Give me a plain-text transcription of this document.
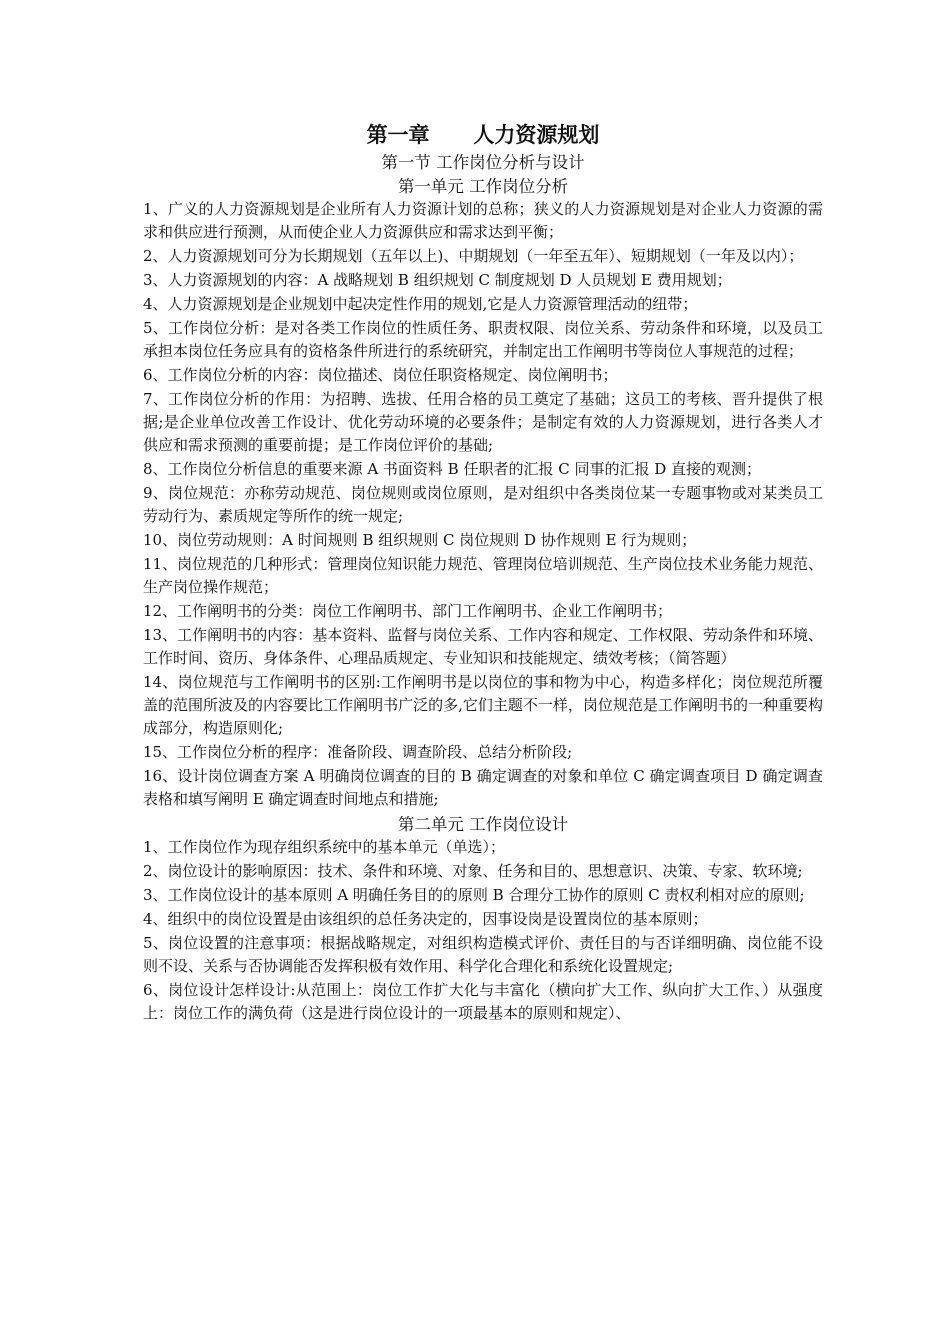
第一章      人力资源规划

第一节 工作岗位分析与设计

第一单元 工作岗位分析

1、广义的人力资源规划是企业所有人力资源计划的总称；狭义的人力资源规划是对企业人力资源的需求和供应进行预测，从而使企业人力资源供应和需求达到平衡；

2、人力资源规划可分为长期规划（五年以上)、中期规划（一年至五年）、短期规划（一年及以内）；

3、人力资源规划的内容：A 战略规划 B 组织规划 C 制度规划 D 人员规划 E 费用规划；

4、人力资源规划是企业规划中起决定性作用的规划,它是人力资源管理活动的纽带；

5、工作岗位分析：是对各类工作岗位的性质任务、职责权限、岗位关系、劳动条件和环境，以及员工承担本岗位任务应具有的资格条件所进行的系统研究，并制定出工作阐明书等岗位人事规范的过程；

6、工作岗位分析的内容：岗位描述、岗位任职资格规定、岗位阐明书；

7、工作岗位分析的作用：为招聘、选拔、任用合格的员工奠定了基础；这员工的考核、晋升提供了根据;是企业单位改善工作设计、优化劳动环境的必要条件；是制定有效的人力资源规划，进行各类人才供应和需求预测的重要前提；是工作岗位评价的基础;

8、工作岗位分析信息的重要来源 A 书面资料 B 任职者的汇报 C 同事的汇报 D 直接的观测；

9、岗位规范：亦称劳动规范、岗位规则或岗位原则，是对组织中各类岗位某一专题事物或对某类员工劳动行为、素质规定等所作的统一规定;

10、岗位劳动规则：A 时间规则 B 组织规则 C 岗位规则 D 协作规则 E 行为规则；

11、岗位规范的几种形式：管理岗位知识能力规范、管理岗位培训规范、生产岗位技术业务能力规范、生产岗位操作规范；

12、工作阐明书的分类：岗位工作阐明书、部门工作阐明书、企业工作阐明书；

13、工作阐明书的内容：基本资料、监督与岗位关系、工作内容和规定、工作权限、劳动条件和环境、工作时间、资历、身体条件、心理品质规定、专业知识和技能规定、绩效考核；（简答题）

14、岗位规范与工作阐明书的区别:工作阐明书是以岗位的事和物为中心，构造多样化；岗位规范所覆盖的范围所波及的内容要比工作阐明书广泛的多,它们主题不一样，岗位规范是工作阐明书的一种重要构成部分，构造原则化;

15、工作岗位分析的程序：准备阶段、调查阶段、总结分析阶段;

16、设计岗位调查方案 A 明确岗位调查的目的 B 确定调查的对象和单位 C 确定调查项目 D 确定调查表格和填写阐明 E 确定调查时间地点和措施;

第二单元 工作岗位设计

1、工作岗位作为现存组织系统中的基本单元（单选）；

2、岗位设计的影响原因：技术、条件和环境、对象、任务和目的、思想意识、决策、专家、软环境;

3、工作岗位设计的基本原则 A 明确任务目的的原则 B 合理分工协作的原则 C 责权利相对应的原则;

4、组织中的岗位设置是由该组织的总任务决定的，因事设岗是设置岗位的基本原则；

5、岗位设置的注意事项：根据战略规定，对组织构造模式评价、责任目的与否详细明确、岗位能不设则不设、关系与否协调能否发挥积极有效作用、科学化合理化和系统化设置规定;

6、岗位设计怎样设计:从范围上：岗位工作扩大化与丰富化（横向扩大工作、纵向扩大工作、）从强度上：岗位工作的满负荷（这是进行岗位设计的一项最基本的原则和规定）、
